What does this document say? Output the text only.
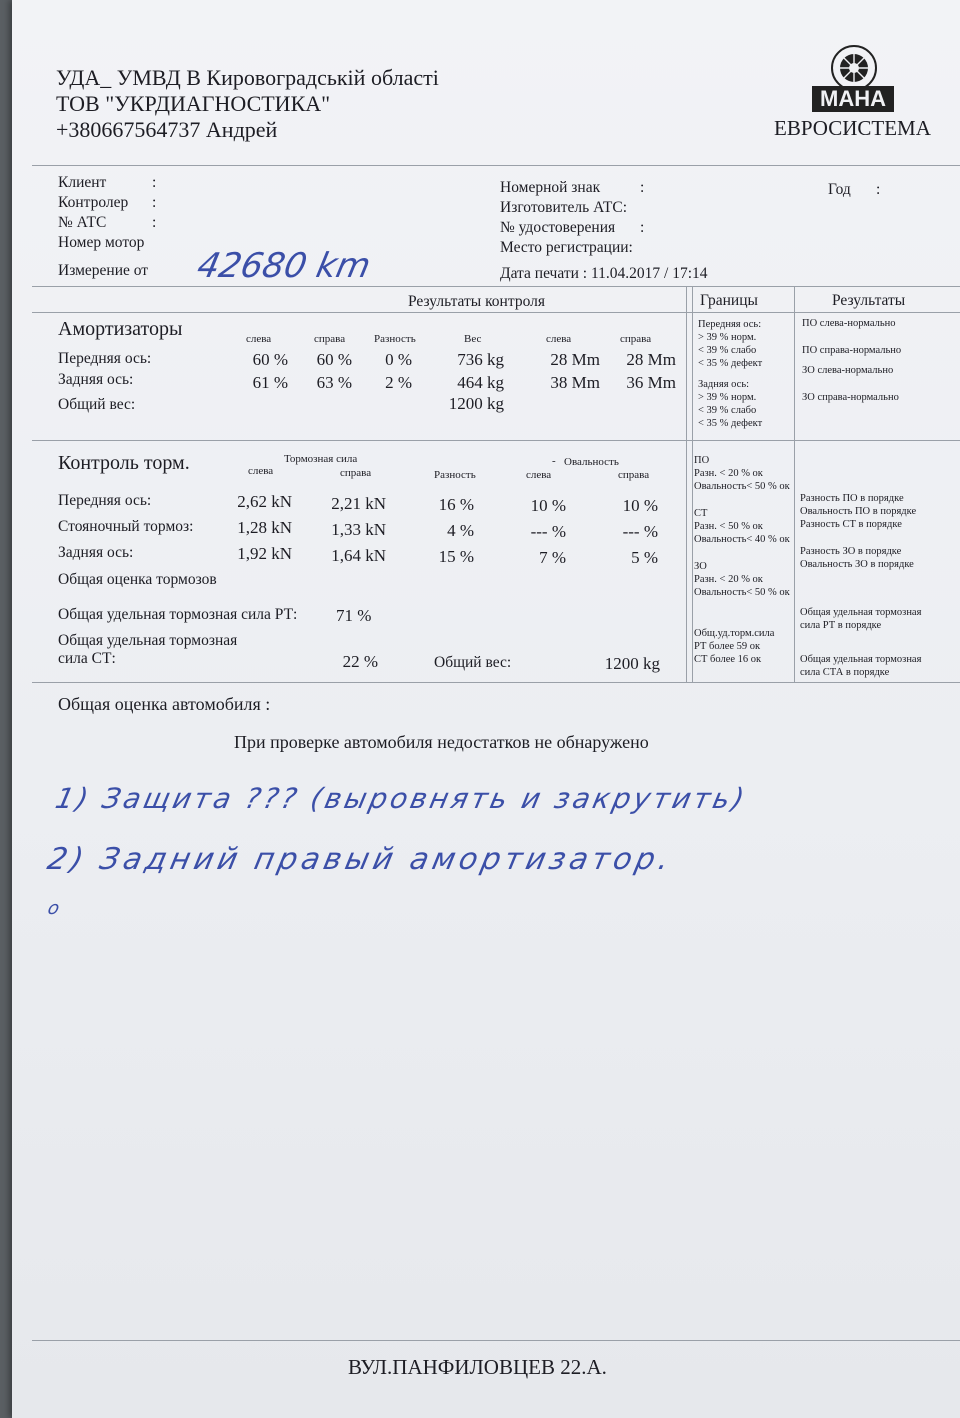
УДА_ УМВД В Кировоградській області
ТОВ "УКРДИАГНОСТИКА"
+380667564737 Андрей
MAHA
ЕВРОСИСТЕМА
Клиент	:
Контролер :
№ АТС	:
Номер мотор
Номерной знак	:
Изготовитель АТС:
№ удостоверения :
Место регистрации:
Год :
Измерение от 42680 km	Дата печати : 11.04.2017 / 17:14
Результаты контроля	Границы	Результаты
Амортизаторы	слева	справа	Разность	Вес	слева	справа
Передняя ось:	60 %	60 %	0 %	736 kg	28 Mm	28 Mm
Задняя ось:	61 %	63 %	2 %	464 kg	38 Mm	36 Mm
Общий вес:	1200 kg
Передняя ось:
> 39 % норм.
< 39 % слабо
< 35 % дефект
Задняя ось:
> 39 % норм.
< 39 % слабо
< 35 % дефект
ПО слева-нормально
ПО справа-нормально
ЗО слева-нормально
ЗО справа-нормально
Контроль торм.	Тормозная сила	- Овальность
слева	справа	Разность	слева	справа
Передняя ось:	2,62 kN	2,21 kN	16 %	10 %	10 %
Стояночный тормоз:	1,28 kN	1,33 kN	4 %	--- %	--- %
Задняя ось:	1,92 kN	1,64 kN	15 %	7 %	5 %
Общая оценка тормозов
Общая удельная тормозная сила РТ: 71 %
Общая удельная тормозная
сила СТ:	22 %	Общий вес:	1200 kg
ПО
Разн. < 20 % ок
Овальность< 50 % ок
СТ
Разн. < 50 % ок
Овальность< 40 % ок
ЗО
Разн. < 20 % ок
Овальность< 50 % ок
Общ.уд.торм.сила
РТ более 59 ок
СТ более 16 ок
Разность ПО в порядке
Овальность ПО в порядке
Разность СТ в порядке
Разность ЗО в порядке
Овальность ЗО в порядке
Общая удельная тормозная
сила РТ в порядке
Общая удельная тормозная
сила СТА в порядке
Общая оценка автомобиля :
При проверке автомобиля недостатков не обнаружено
1) Защита ??? (выровнять и закрутить)
2) Задний правый амортизатор.
o
ВУЛ.ПАНФИЛОВЦЕВ 22.А.
